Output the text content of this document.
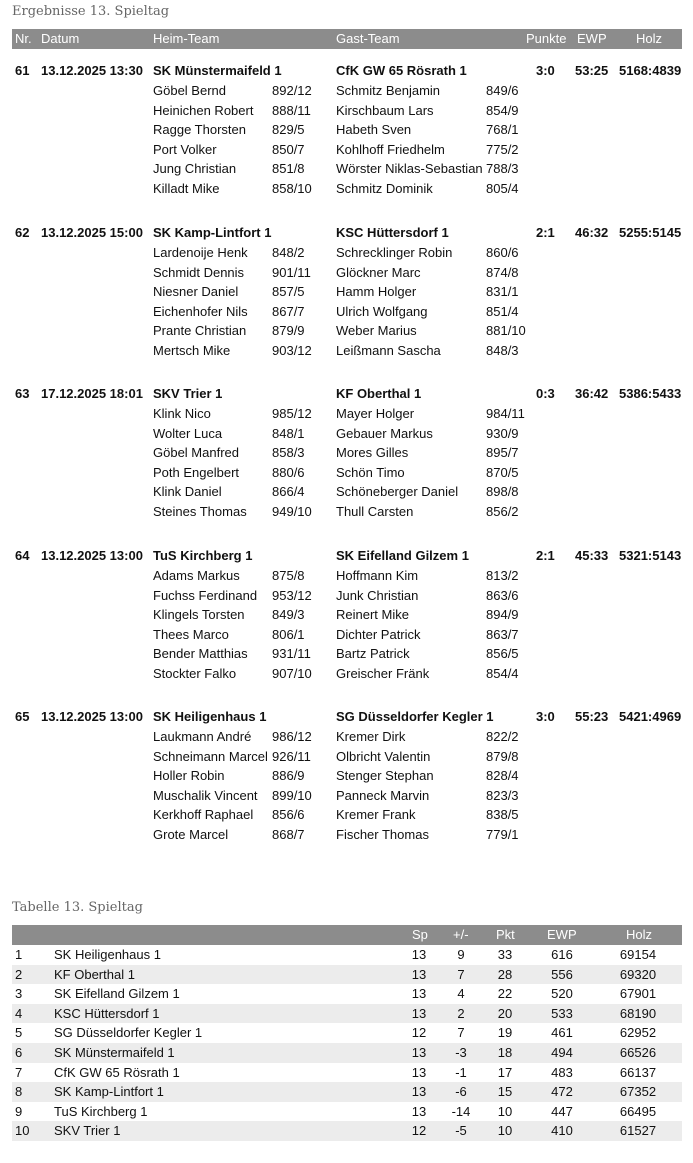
Ergebnisse 13. Spieltag
Nr. Datum	Heim-Team	Gast-Team	Punkte EWP Holz
61 13.12.2025 13:30 SK Münstermaifeld 1	CfK GW 65 Rösrath 1	3:0 53:25 5168:4839
Göbel Bernd	892/12 Schmitz Benjamin	849/6
Heinichen Robert 888/11 Kirschbaum Lars	854/9
Ragge Thorsten 829/5 Habeth Sven	768/1
Port Volker	850/7 Kohlhoff Friedhelm	775/2
Jung Christian	851/8 Wörster Niklas-Sebastian 788/3
Killadt Mike	858/10 Schmitz Dominik	805/4
62 13.12.2025 15:00 SK Kamp-Lintfort 1	KSC Hüttersdorf 1	2:1 46:32 5255:5145
Lardenoije Henk 848/2 Schrecklinger Robin	860/6
Schmidt Dennis 901/11 Glöckner Marc	874/8
Niesner Daniel	857/5 Hamm Holger	831/1
Eichenhofer Nils 867/7 Ulrich Wolfgang	851/4
Prante Christian 879/9 Weber Marius	881/10
Mertsch Mike	903/12 Leißmann Sascha	848/3
63 17.12.2025 18:01 SKV Trier 1	KF Oberthal 1	0:3 36:42 5386:5433
Klink Nico	985/12 Mayer Holger	984/11
Wolter Luca	848/1 Gebauer Markus	930/9
Göbel Manfred	858/3 Mores Gilles	895/7
Poth Engelbert	880/6 Schön Timo	870/5
Klink Daniel	866/4 Schöneberger Daniel 898/8
Steines Thomas 949/10 Thull Carsten	856/2
64 13.12.2025 13:00 TuS Kirchberg 1	SK Eifelland Gilzem 1	2:1 45:33 5321:5143
Adams Markus 875/8 Hoffmann Kim	813/2
Fuchss Ferdinand 953/12 Junk Christian	863/6
Klingels Torsten 849/3 Reinert Mike	894/9
Thees Marco	806/1 Dichter Patrick	863/7
Bender Matthias 931/11 Bartz Patrick	856/5
Stockter Falko	907/10 Greischer Fränk	854/4
65 13.12.2025 13:00 SK Heiligenhaus 1	SG Düsseldorfer Kegler 1	3:0 55:23 5421:4969
Laukmann André 986/12 Kremer Dirk	822/2
Schneimann Marcel 926/11 Olbricht Valentin	879/8
Holler Robin	886/9 Stenger Stephan	828/4
Muschalik Vincent 899/10 Panneck Marvin	823/3
Kerkhoff Raphael 856/6 Kremer Frank	838/5
Grote Marcel	868/7 Fischer Thomas	779/1
Tabelle 13. Spieltag
Sp +/- Pkt EWP	Holz
1 SK Heiligenhaus 1	13	9	33	616	69154
2 KF Oberthal 1	13	7	28	556	69320
3 SK Eifelland Gilzem 1	13	4	22	520	67901
4 KSC Hüttersdorf 1	13	2	20	533	68190
5 SG Düsseldorfer Kegler 1	12	7	19	461	62952
6 SK Münstermaifeld 1	13	-3	18	494	66526
7 CfK GW 65 Rösrath 1	13	-1	17	483	66137
8 SK Kamp-Lintfort 1	13	-6	15	472	67352
9 TuS Kirchberg 1	13	-14	10	447	66495
10 SKV Trier 1	12	-5	10	410	61527
